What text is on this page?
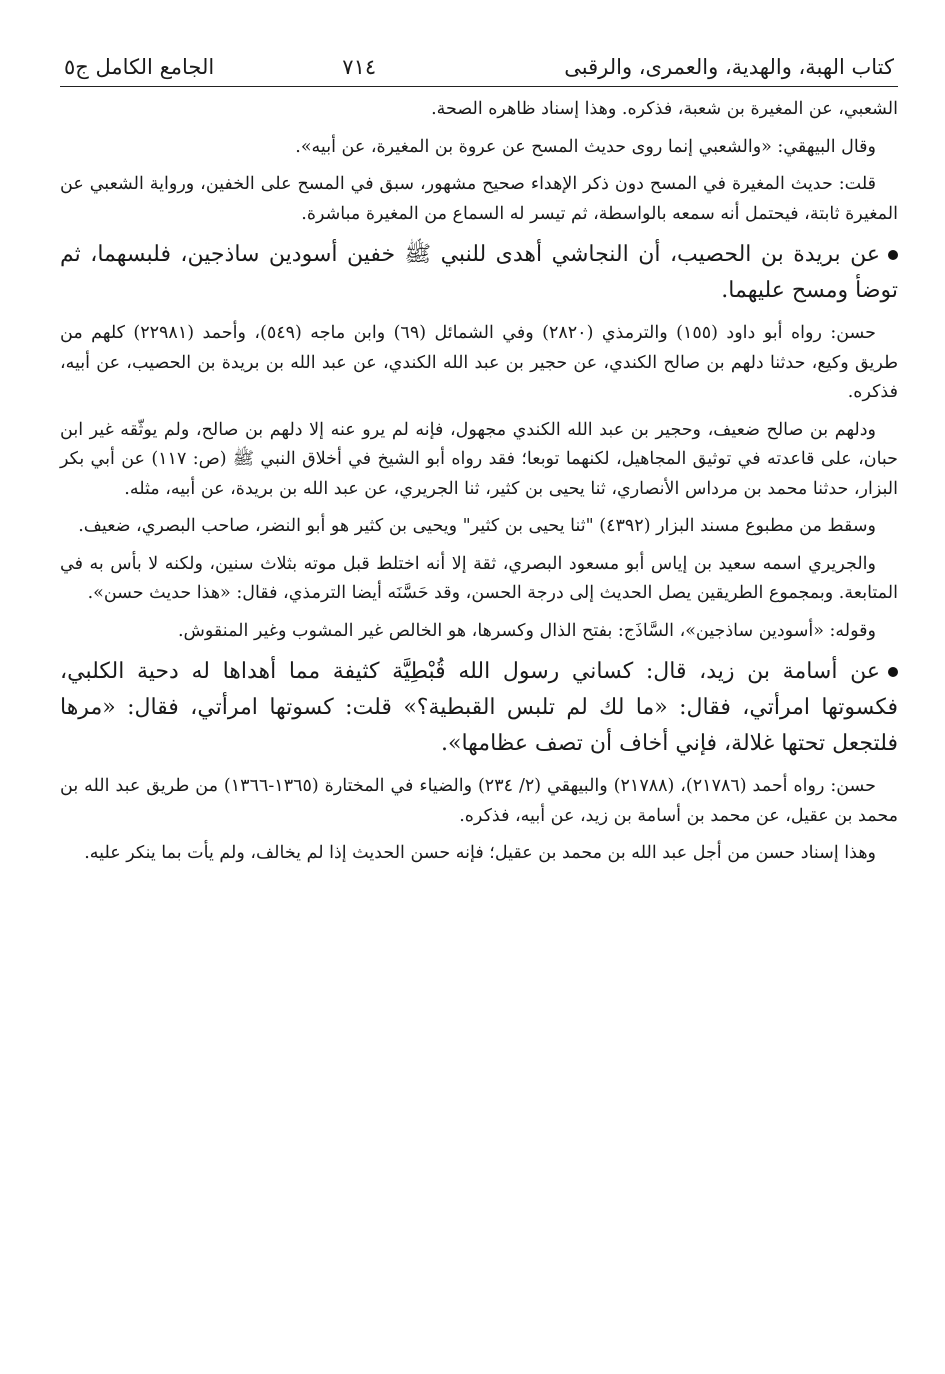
كتاب الهبة، والهدية، والعمرى، والرقبى
٧١٤
الجامع الكامل ج٥

الشعبي، عن المغيرة بن شعبة، فذكره. وهذا إسناد ظاهره الصحة.

وقال البيهقي: «والشعبي إنما روى حديث المسح عن عروة بن المغيرة، عن أبيه».

قلت: حديث المغيرة في المسح دون ذكر الإهداء صحيح مشهور، سبق في المسح على الخفين، ورواية الشعبي عن المغيرة ثابتة، فيحتمل أنه سمعه بالواسطة، ثم تيسر له السماع من المغيرة مباشرة.

عن بريدة بن الحصيب، أن النجاشي أهدى للنبي ﷺ خفين أسودين ساذجين، فلبسهما، ثم توضأ ومسح عليهما.

حسن: رواه أبو داود (١٥٥) والترمذي (٢٨٢٠) وفي الشمائل (٦٩) وابن ماجه (٥٤٩)، وأحمد (٢٢٩٨١) كلهم من طريق وكيع، حدثنا دلهم بن صالح الكندي، عن حجير بن عبد الله الكندي، عن عبد الله بن بريدة بن الحصيب، عن أبيه، فذكره.

ودلهم بن صالح ضعيف، وحجير بن عبد الله الكندي مجهول، فإنه لم يرو عنه إلا دلهم بن صالح، ولم يوثّقه غير ابن حبان، على قاعدته في توثيق المجاهيل، لكنهما توبعا؛ فقد رواه أبو الشيخ في أخلاق النبي ﷺ (ص: ١١٧) عن أبي بكر البزار، حدثنا محمد بن مرداس الأنصاري، ثنا يحيى بن كثير، ثنا الجريري، عن عبد الله بن بريدة، عن أبيه، مثله.

وسقط من مطبوع مسند البزار (٤٣٩٢) "ثنا يحيى بن كثير" ويحيى بن كثير هو أبو النضر، صاحب البصري، ضعيف.

والجريري اسمه سعيد بن إياس أبو مسعود البصري، ثقة إلا أنه اختلط قبل موته بثلاث سنين، ولكنه لا بأس به في المتابعة. وبمجموع الطريقين يصل الحديث إلى درجة الحسن، وقد حَسَّنَه أيضا الترمذي، فقال: «هذا حديث حسن».

وقوله: «أسودين ساذجين»، السَّاذَج: بفتح الذال وكسرها، هو الخالص غير المشوب وغير المنقوش.

عن أسامة بن زيد، قال: كساني رسول الله قُبْطِيَّة كثيفة مما أهداها له دحية الكلبي، فكسوتها امرأتي، فقال: «ما لك لم تلبس القبطية؟» قلت: كسوتها امرأتي، فقال: «مرها فلتجعل تحتها غلالة، فإني أخاف أن تصف عظامها».

حسن: رواه أحمد (٢١٧٨٦)، (٢١٧٨٨) والبيهقي (٢/ ٢٣٤) والضياء في المختارة (١٣٦٥-١٣٦٦) من طريق عبد الله بن محمد بن عقيل، عن محمد بن أسامة بن زيد، عن أبيه، فذكره.

وهذا إسناد حسن من أجل عبد الله بن محمد بن عقيل؛ فإنه حسن الحديث إذا لم يخالف، ولم يأت بما ينكر عليه.
